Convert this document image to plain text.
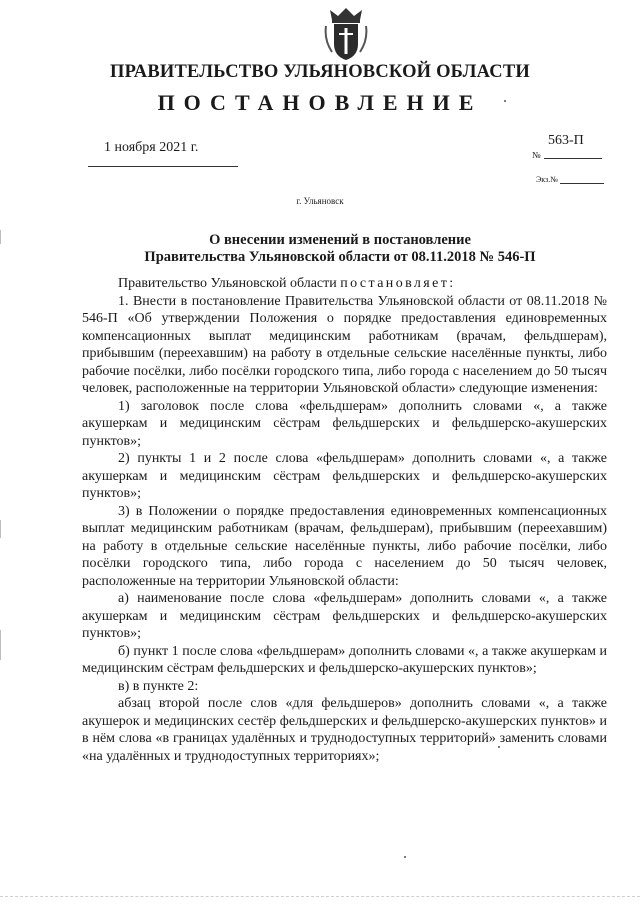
ПРАВИТЕЛЬСТВО УЛЬЯНОВСКОЙ ОБЛАСТИ
ПОСТАНОВЛЕНИЕ
1 ноября 2021 г.	563-П
№
Экз.№
г. Ульяновск
О внесении изменений в постановление
Правительства Ульяновской области от 08.11.2018 № 546-П

Правительство Ульяновской области постановляет:

1. Внести в постановление Правительства Ульяновской области от 08.11.2018 № 546-П «Об утверждении Положения о порядке предоставления единовременных компенсационных выплат медицинским работникам (врачам, фельдшерам), прибывшим (переехавшим) на работу в отдельные сельские населённые пункты, либо рабочие посёлки, либо посёлки городского типа, либо города с населением до 50 тысяч человек, расположенные на территории Ульяновской области» следующие изменения:

1) заголовок после слова «фельдшерам» дополнить словами «, а также акушеркам и медицинским сёстрам фельдшерских и фельдшерско-акушерских пунктов»;

2) пункты 1 и 2 после слова «фельдшерам» дополнить словами «, а также акушеркам и медицинским сёстрам фельдшерских и фельдшерско-акушерских пунктов»;

3) в Положении о порядке предоставления единовременных компенсационных выплат медицинским работникам (врачам, фельдшерам), прибывшим (переехавшим) на работу в отдельные сельские населённые пункты, либо рабочие посёлки, либо посёлки городского типа, либо города с населением до 50 тысяч человек, расположенные на территории Ульяновской области:

а) наименование после слова «фельдшерам» дополнить словами «, а также акушеркам и медицинским сёстрам фельдшерских и фельдшерско-акушерских пунктов»;

б) пункт 1 после слова «фельдшерам» дополнить словами «, а также акушеркам и медицинским сёстрам фельдшерских и фельдшерско-акушерских пунктов»;

в) в пункте 2:

абзац второй после слов «для фельдшеров» дополнить словами «, а также акушерок и медицинских сестёр фельдшерских и фельдшерско-акушерских пунктов» и в нём слова «в границах удалённых и труднодоступных территорий» заменить словами «на удалённых и труднодоступных территориях»;
